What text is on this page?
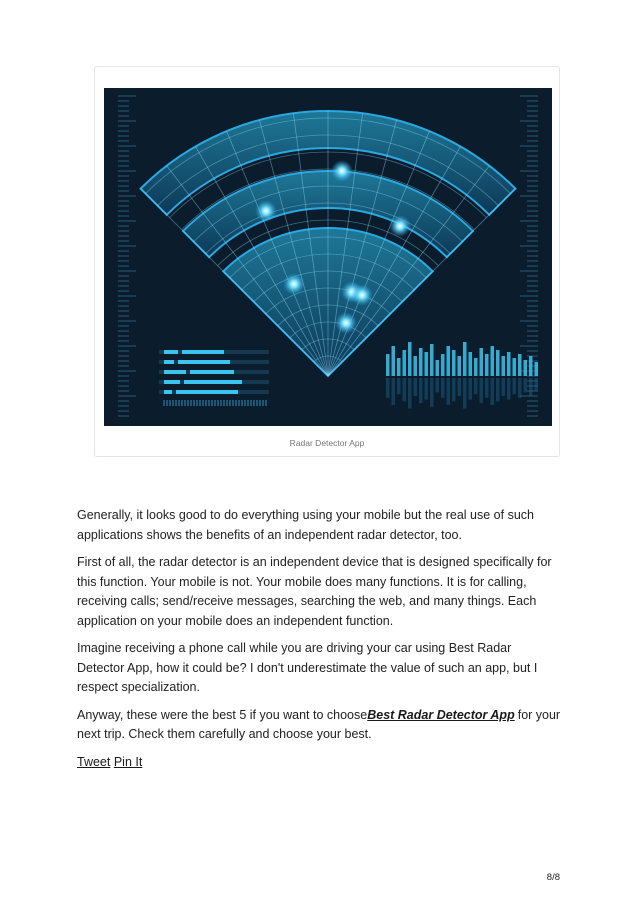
Radar Detector App

Generally, it looks good to do everything using your mobile but the real use of such applications shows the benefits of an independent radar detector, too.

First of all, the radar detector is an independent device that is designed specifically for this function. Your mobile is not. Your mobile does many functions. It is for calling, receiving calls; send/receive messages, searching the web, and many things. Each application on your mobile does an independent function.

Imagine receiving a phone call while you are driving your car using Best Radar Detector App, how it could be? I don't underestimate the value of such an app, but I respect specialization.

Anyway, these were the best 5 if you want to chooseBest Radar Detector App for your next trip. Check them carefully and choose your best.

Tweet Pin It

8/8
